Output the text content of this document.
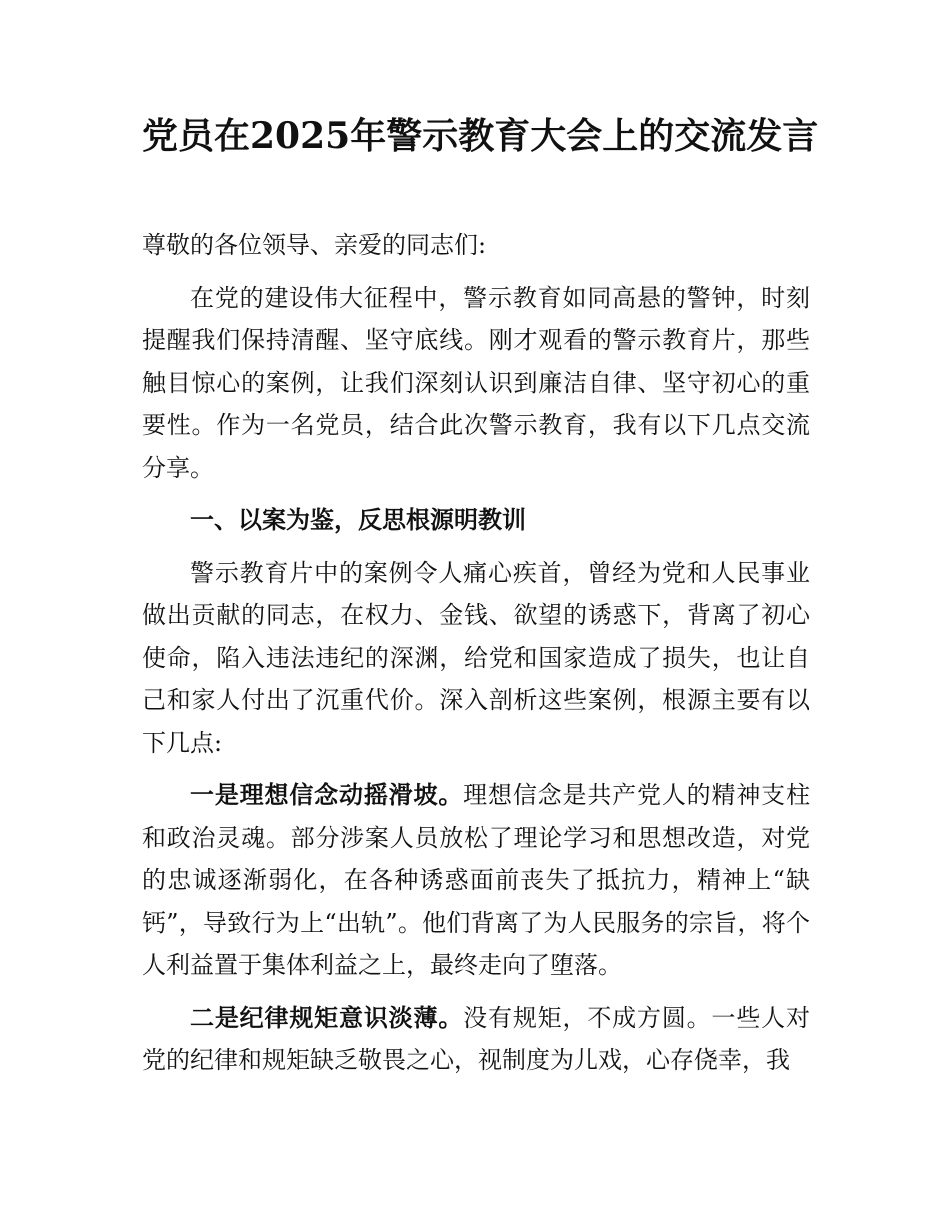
党员在2025年警示教育大会上的交流发言

尊敬的各位领导、亲爱的同志们:

在党的建设伟大征程中，警示教育如同高悬的警钟，时刻提醒我们保持清醒、坚守底线。刚才观看的警示教育片，那些触目惊心的案例，让我们深刻认识到廉洁自律、坚守初心的重要性。作为一名党员，结合此次警示教育，我有以下几点交流分享。

一、以案为鉴，反思根源明教训

警示教育片中的案例令人痛心疾首，曾经为党和人民事业做出贡献的同志，在权力、金钱、欲望的诱惑下，背离了初心使命，陷入违法违纪的深渊，给党和国家造成了损失，也让自己和家人付出了沉重代价。深入剖析这些案例，根源主要有以下几点:

一是理想信念动摇滑坡。理想信念是共产党人的精神支柱和政治灵魂。部分涉案人员放松了理论学习和思想改造，对党的忠诚逐渐弱化，在各种诱惑面前丧失了抵抗力，精神上“缺钙”，导致行为上“出轨”。他们背离了为人民服务的宗旨，将个人利益置于集体利益之上，最终走向了堕落。

二是纪律规矩意识淡薄。没有规矩，不成方圆。一些人对党的纪律和规矩缺乏敬畏之心，视制度为儿戏，心存侥幸，我
